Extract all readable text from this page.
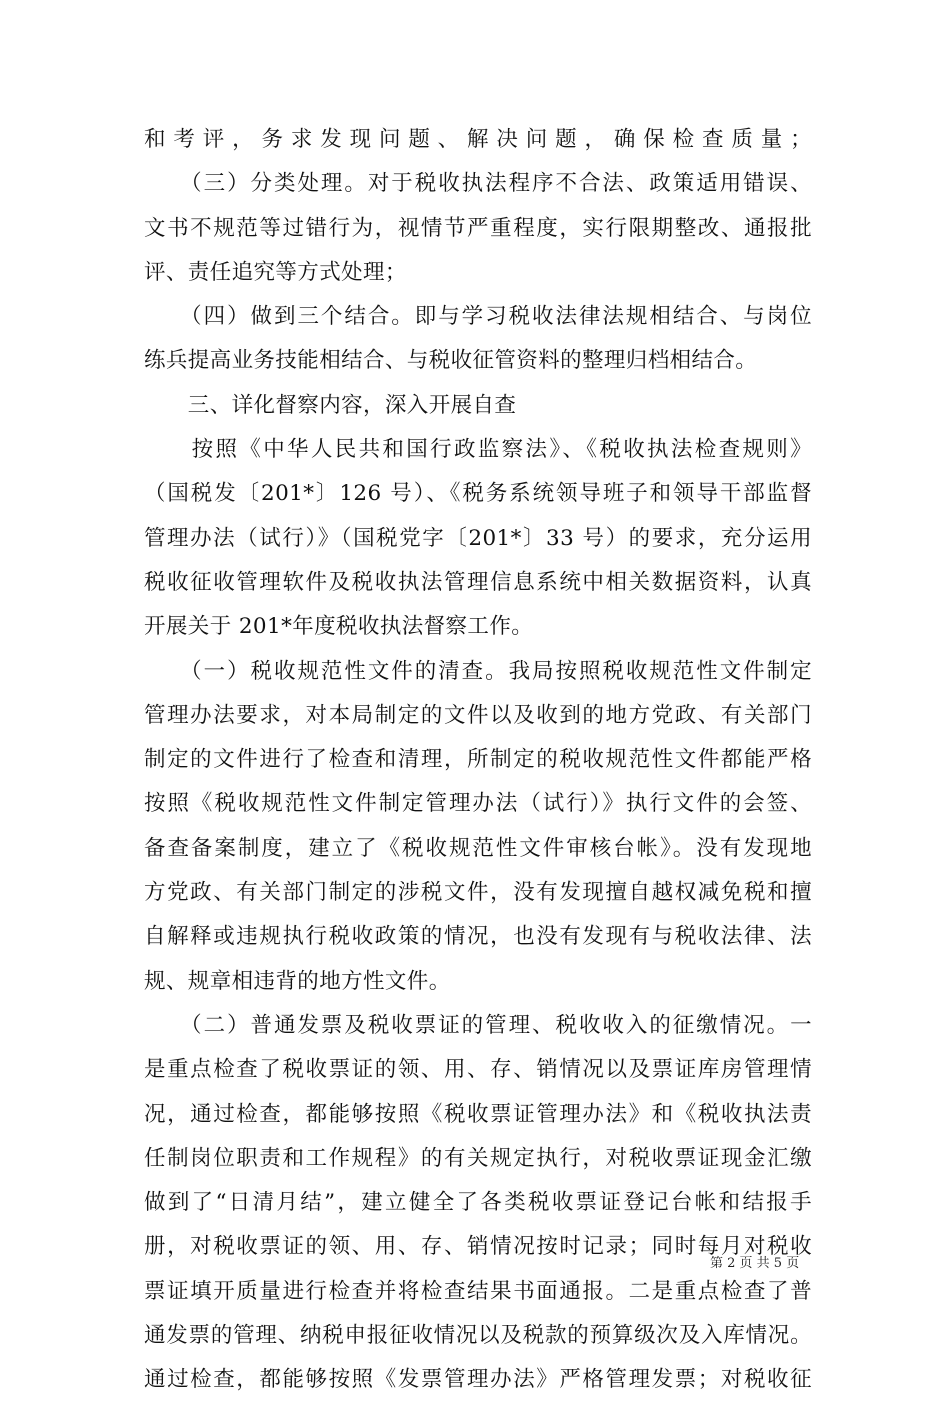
和考评，务求发现问题、解决问题，确保检查质量；
　　（三）分类处理。对于税收执法程序不合法、政策适用错误、
文书不规范等过错行为，视情节严重程度，实行限期整改、通报批
评、责任追究等方式处理；
　　（四）做到三个结合。即与学习税收法律法规相结合、与岗位
练兵提高业务技能相结合、与税收征管资料的整理归档相结合。
　　三、详化督察内容，深入开展自查
　　按照《中华人民共和国行政监察法》、《税收执法检查规则》
（国税发〔201*〕126 号）、《税务系统领导班子和领导干部监督
管理办法（试行）》（国税党字〔201*〕33 号）的要求，充分运用
税收征收管理软件及税收执法管理信息系统中相关数据资料，认真
开展关于 201*年度税收执法督察工作。
　　（一）税收规范性文件的清查。我局按照税收规范性文件制定
管理办法要求，对本局制定的文件以及收到的地方党政、有关部门
制定的文件进行了检查和清理，所制定的税收规范性文件都能严格
按照《税收规范性文件制定管理办法（试行）》执行文件的会签、
备查备案制度，建立了《税收规范性文件审核台帐》。没有发现地
方党政、有关部门制定的涉税文件，没有发现擅自越权减免税和擅
自解释或违规执行税收政策的情况，也没有发现有与税收法律、法
规、规章相违背的地方性文件。
　　（二）普通发票及税收票证的管理、税收收入的征缴情况。一
是重点检查了税收票证的领、用、存、销情况以及票证库房管理情
况，通过检查，都能够按照《税收票证管理办法》和《税收执法责
任制岗位职责和工作规程》的有关规定执行，对税收票证现金汇缴
做到了“日清月结”，建立健全了各类税收票证登记台帐和结报手
册，对税收票证的领、用、存、销情况按时记录；同时每月对税收
票证填开质量进行检查并将检查结果书面通报。二是重点检查了普
通发票的管理、纳税申报征收情况以及税款的预算级次及入库情况。
通过检查，都能够按照《发票管理办法》严格管理发票；对税收征
第 2 页 共 5 页
